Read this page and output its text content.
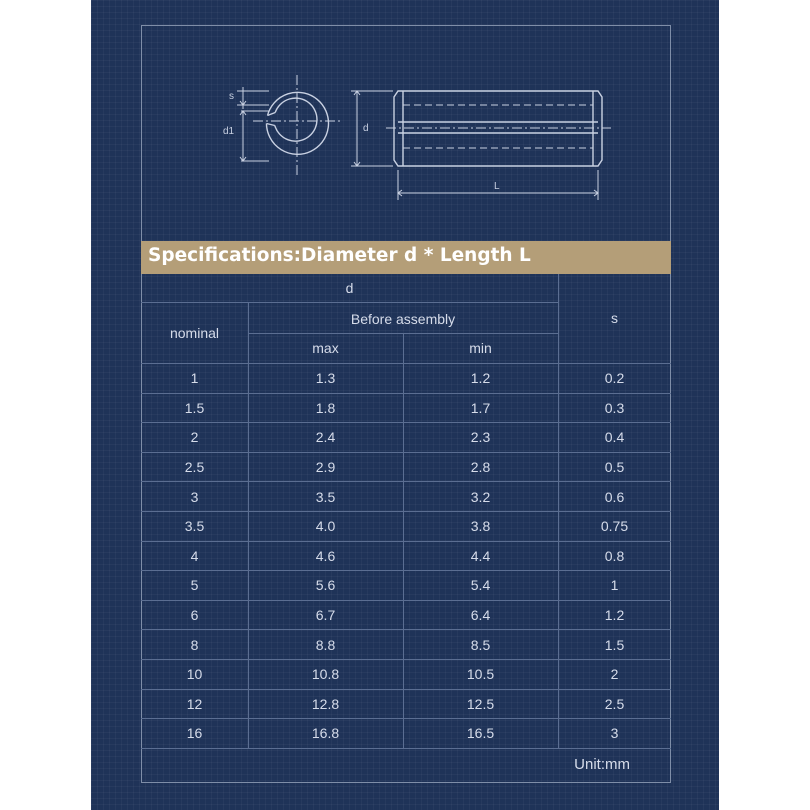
s
d1	d
L
Specifications:Diameter d * Length L
d
nominal
Before assembly
max	min
s
1	1.3	1.2	0.2
1.5	1.8	1.7	0.3
2	2.4	2.3	0.4
2.5	2.9	2.8	0.5
3	3.5	3.2	0.6
3.5	4.0	3.8	0.75
4	4.6	4.4	0.8
5	5.6	5.4	1
6	6.7	6.4	1.2
8	8.8	8.5	1.5
10	10.8	10.5	2
12	12.8	12.5	2.5
16	16.8	16.5	3
Unit:mm
